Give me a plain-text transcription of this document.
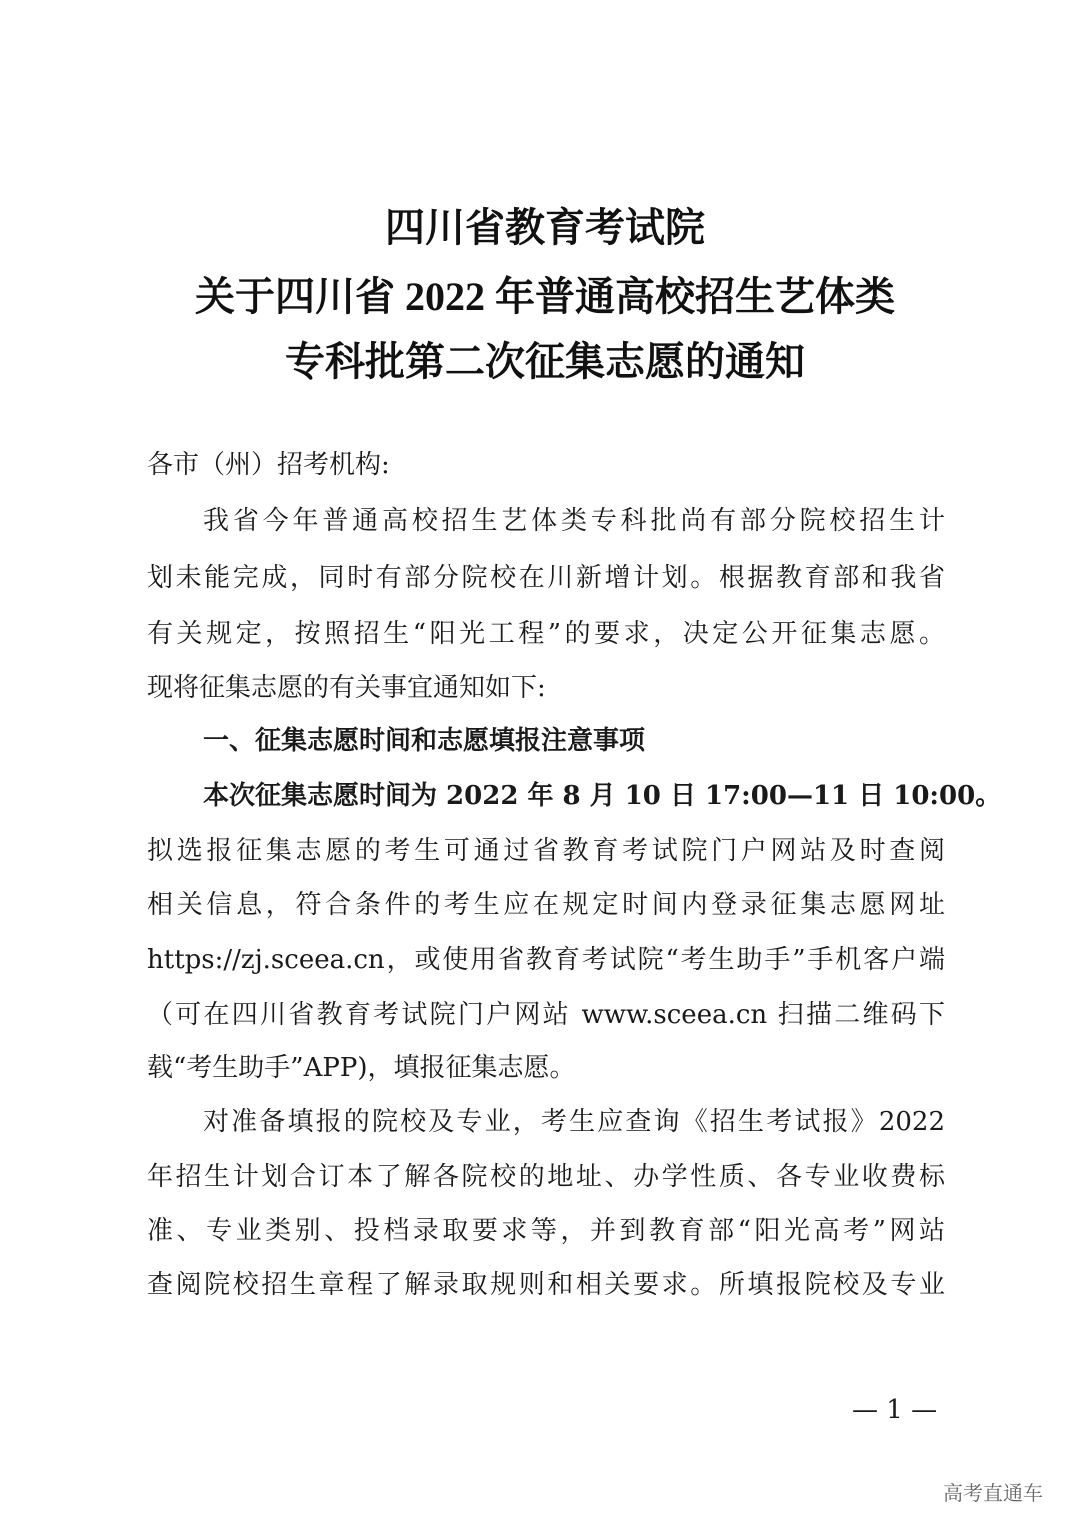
四川省教育考试院
关于四川省 2022 年普通高校招生艺体类
专科批第二次征集志愿的通知
各市（州）招考机构:
我省今年普通高校招生艺体类专科批尚有部分院校招生计
划未能完成，同时有部分院校在川新增计划。根据教育部和我省
有关规定，按照招生“阳光工程”的要求，决定公开征集志愿。
现将征集志愿的有关事宜通知如下:
一、征集志愿时间和志愿填报注意事项
本次征集志愿时间为 2022 年 8 月 10 日 17:00—11 日 10:00。
拟选报征集志愿的考生可通过省教育考试院门户网站及时查阅
相关信息，符合条件的考生应在规定时间内登录征集志愿网址
https://zj.sceea.cn，或使用省教育考试院“考生助手”手机客户端
（可在四川省教育考试院门户网站 www.sceea.cn 扫描二维码下
载“考生助手”APP)，填报征集志愿。
对准备填报的院校及专业，考生应查询《招生考试报》2022
年招生计划合订本了解各院校的地址、办学性质、各专业收费标
准、专业类别、投档录取要求等，并到教育部“阳光高考”网站
查阅院校招生章程了解录取规则和相关要求。所填报院校及专业
— 1 —
高考直通车
